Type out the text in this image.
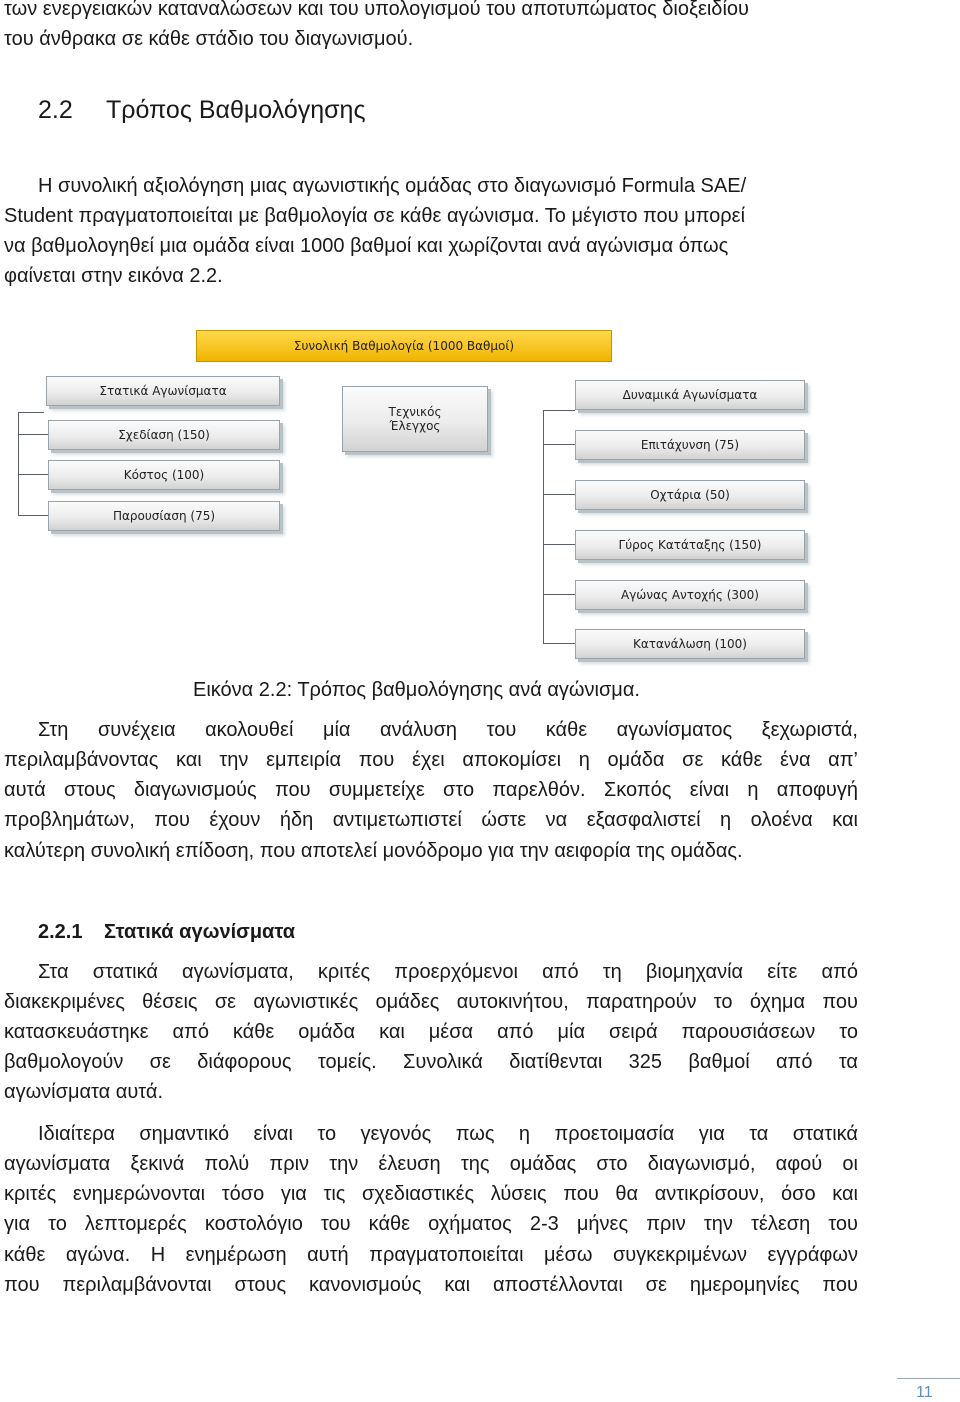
των ενεργειακών καταναλώσεων και του υπολογισμού του αποτυπώματος διοξειδίου
του άνθρακα σε κάθε στάδιο του διαγωνισμού.
2.2 Τρόπος Βαθμολόγησης
Η συνολική αξιολόγηση μιας αγωνιστικής ομάδας στο διαγωνισμό Formula SAE/
Student πραγματοποιείται με βαθμολογία σε κάθε αγώνισμα. Το μέγιστο που μπορεί
να βαθμολογηθεί μια ομάδα είναι 1000 βαθμοί και χωρίζονται ανά αγώνισμα όπως
φαίνεται στην εικόνα 2.2.
Συνολική Βαθμολογία (1000 Βαθμοί)
Στατικά Αγωνίσματα
Σχεδίαση (150)
Κόστος (100)
Παρουσίαση (75)
Τεχνικός
Έλεγχος
Δυναμικά Αγωνίσματα
Επιτάχυνση (75)
Οχτάρια (50)
Γύρος Κατάταξης (150)
Αγώνας Αντοχής (300)
Κατανάλωση (100)
Εικόνα 2.2: Τρόπος βαθμολόγησης ανά αγώνισμα.
Στη συνέχεια ακολουθεί μία ανάλυση του κάθε αγωνίσματος ξεχωριστά,
περιλαμβάνοντας και την εμπειρία που έχει αποκομίσει η ομάδα σε κάθε ένα απ’
αυτά στους διαγωνισμούς που συμμετείχε στο παρελθόν. Σκοπός είναι η αποφυγή
προβλημάτων, που έχουν ήδη αντιμετωπιστεί ώστε να εξασφαλιστεί η ολοένα και
καλύτερη συνολική επίδοση, που αποτελεί μονόδρομο για την αειφορία της ομάδας.
2.2.1 Στατικά αγωνίσματα
Στα στατικά αγωνίσματα, κριτές προερχόμενοι από τη βιομηχανία είτε από
διακεκριμένες θέσεις σε αγωνιστικές ομάδες αυτοκινήτου, παρατηρούν το όχημα που
κατασκευάστηκε από κάθε ομάδα και μέσα από μία σειρά παρουσιάσεων το
βαθμολογούν σε διάφορους τομείς. Συνολικά διατίθενται 325 βαθμοί από τα
αγωνίσματα αυτά.
Ιδιαίτερα σημαντικό είναι το γεγονός πως η προετοιμασία για τα στατικά
αγωνίσματα ξεκινά πολύ πριν την έλευση της ομάδας στο διαγωνισμό, αφού οι
κριτές ενημερώνονται τόσο για τις σχεδιαστικές λύσεις που θα αντικρίσουν, όσο και
για το λεπτομερές κοστολόγιο του κάθε οχήματος 2-3 μήνες πριν την τέλεση του
κάθε αγώνα. Η ενημέρωση αυτή πραγματοποιείται μέσω συγκεκριμένων εγγράφων
που περιλαμβάνονται στους κανονισμούς και αποστέλλονται σε ημερομηνίες που
11
